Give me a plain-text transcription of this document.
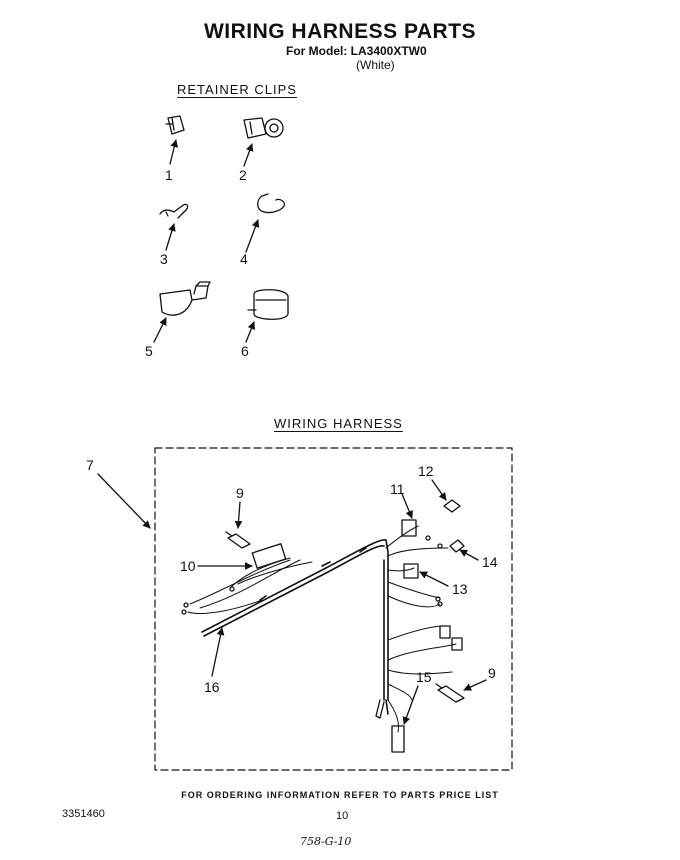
WIRING HARNESS PARTS
For Model: LA3400XTW0
(White)
RETAINER CLIPS
WIRING HARNESS
1	2
3	4
5	6
7
9
10
11
12
13
14
15	9
16
FOR ORDERING INFORMATION REFER TO PARTS PRICE LIST
3351460	10
758-G-10
